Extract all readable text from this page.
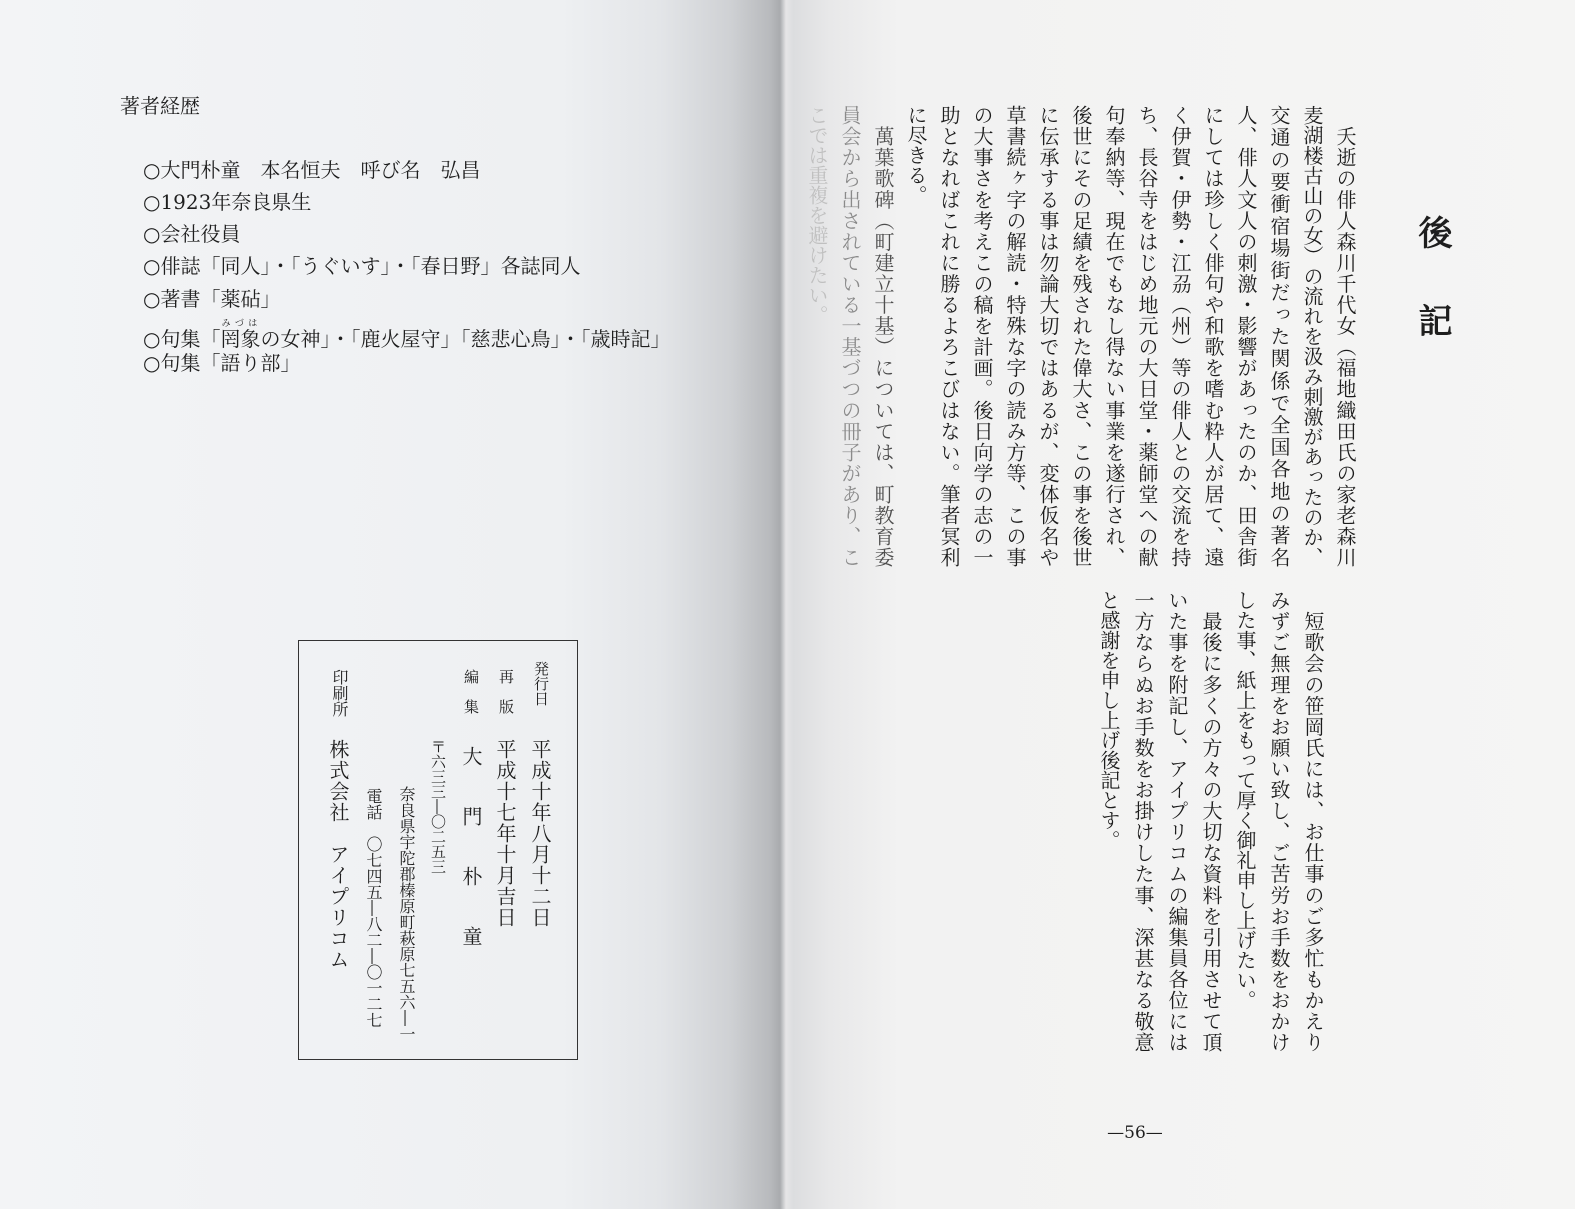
著者経歴
○大門朴童　本名恒夫　呼び名　弘昌
○1923年奈良県生
○会社役員
○俳誌「同人」・「うぐいす」・「春日野」各誌同人
○著書「薬砧」
○句集「罔象みづはの女神」・「鹿火屋守」「慈悲心鳥」・「歳時記」
○句集「語り部」
発行日
平成十年八月十二日
再　版
平成十七年十月吉日
編　集
大　門　朴　童
〒六三三―〇二五三
奈良県宇陀郡榛原町萩原七五六―一
電話　〇七四五―八二―〇一二七
印刷所
株式会社　アイプリコム
後　記
　夭逝の俳人森川千代女（福地織田氏の家老森川
麦湖楼古山の女）の流れを汲み刺激があったのか、
交通の要衝宿場街だった関係で全国各地の著名
人、俳人文人の刺激・影響があったのか、田舎街
にしては珍しく俳句や和歌を嗜む粋人が居て、遠
く伊賀・伊勢・江刕（州）等の俳人との交流を持
ち、長谷寺をはじめ地元の大日堂・薬師堂への献
句奉納等、現在でもなし得ない事業を遂行され、
後世にその足績を残された偉大さ、この事を後世
に伝承する事は勿論大切ではあるが、変体仮名や
草書続ヶ字の解読・特殊な字の読み方等、この事
の大事さを考えこの稿を計画。後日向学の志の一
助となればこれに勝るよろこびはない。筆者冥利
に尽きる。
　萬葉歌碑（町建立十基）については、町教育委
員会から出されている一基づつの冊子があり、こ
こでは重複を避けたい。
　短歌会の笹岡氏には、お仕事のご多忙もかえり
みずご無理をお願い致し、ご苦労お手数をおかけ
した事、紙上をもって厚く御礼申し上げたい。
　最後に多くの方々の大切な資料を引用させて頂
いた事を附記し、アイプリコムの編集員各位には
一方ならぬお手数をお掛けした事、深甚なる敬意
と感謝を申し上げ後記とす。
—56—
